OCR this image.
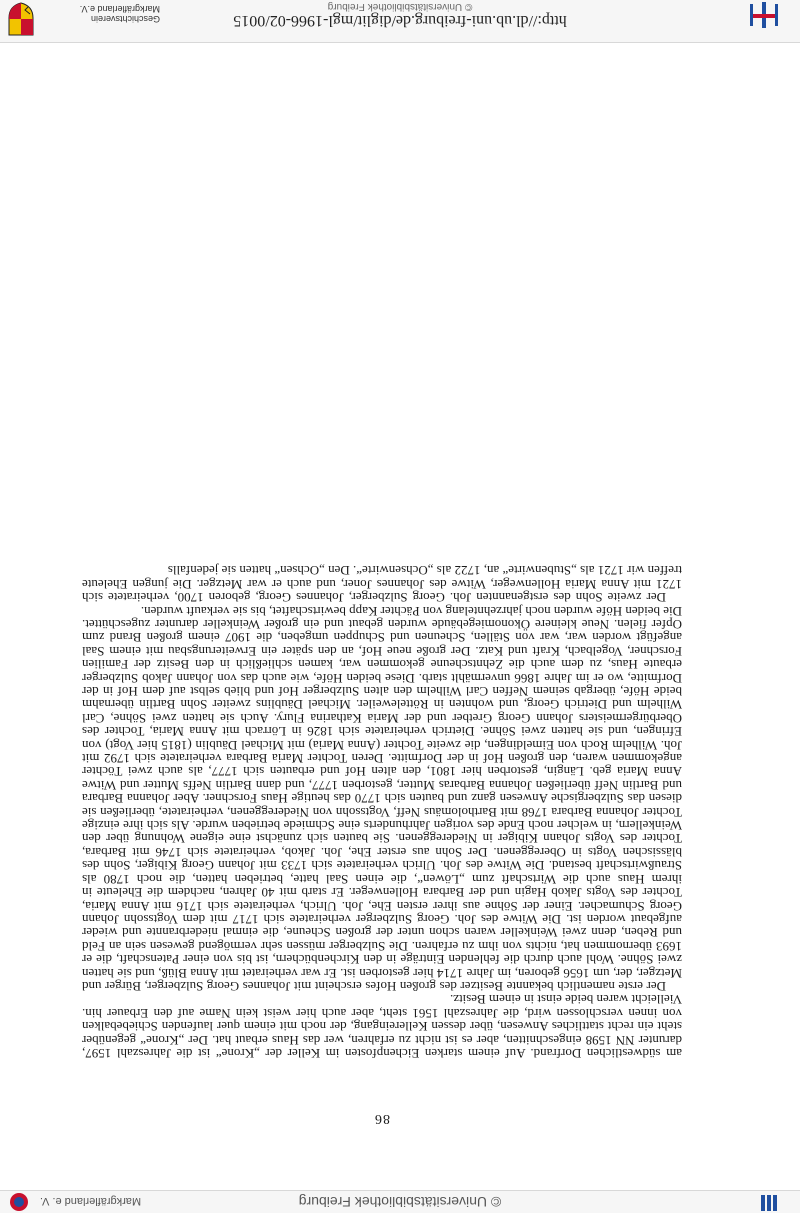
Geschichtsverein Markgräflerland e.V.
http://dl.ub.uni-freiburg.de/diglit/mgl-1966-02/0015
© Universitätsbibliothek Freiburg
86

am südwestlichen Dorfrand. Auf einem starken Eichenpfosten im Keller der „Krone“ ist die Jahreszahl 1597, darunter NN 1598 eingeschnitten, aber es ist nicht zu erfahren, wer das Haus erbaut hat. Der „Krone“ gegenüber steht ein recht stattliches Anwesen, über dessen Kellereingang, der noch mit einem quer laufenden Schiebebalken von innen verschlossen wird, die Jahreszahl 1561 steht, aber auch hier weist kein Name auf den Erbauer hin. Vielleicht waren beide einst in einem Besitz.

Der erste namentlich bekannte Besitzer des großen Hofes erscheint mit Johannes Georg Sulzberger, Bürger und Metzger, der, um 1656 geboren, im Jahre 1714 hier gestorben ist. Er war verheiratet mit Anna Blüß, und sie hatten zwei Söhne. Wohl auch durch die fehlenden Einträge in den Kirchenbüchern, ist bis von einer Patenschaft, die er 1693 übernommen hat, nichts von ihm zu erfahren. Die Sulzberger müssen sehr vermögend gewesen sein an Feld und Reben, denn zwei Weinkeller waren schon unter der großen Scheune, die einmal niederbrannte und wieder aufgebaut worden ist. Die Witwe des Joh. Georg Sulzberger verheiratete sich 1717 mit dem Vogtssohn Johann Georg Schumacher. Einer der Söhne aus ihrer ersten Ehe, Joh. Ulrich, verheiratete sich 1716 mit Anna Maria, Tochter des Vogts Jakob Hagin und der Barbara Hollenweger. Er starb mit 40 Jahren, nachdem die Eheleute in ihrem Haus auch die Wirtschaft zum „Löwen“, die einen Saal hatte, betrieben hatten, die noch 1780 als Straußwirtschaft bestand. Die Witwe des Joh. Ulrich verheiratete sich 1733 mit Johann Georg Kibiger, Sohn des blässischen Vogts in Obereggenen. Der Sohn aus erster Ehe, Joh. Jakob, verheiratete sich 1746 mit Barbara, Tochter des Vogts Johann Kibiger in Niedereggenen. Sie bauten sich zunächst eine eigene Wohnung über den Weinkellern, in welcher noch Ende des vorigen Jahrhunderts eine Schmiede betrieben wurde. Als sich ihre einzige Tochter Johanna Barbara 1768 mit Bartholomäus Neff, Vogtssohn von Niedereggenen, verheiratete, überließen sie diesen das Sulzbergische Anwesen ganz und bauten sich 1770 das heutige Haus Forschner. Aber Johanna Barbara und Bartlin Neff überließen Johanna Barbaras Mutter, gestorben 1777, und dann Bartlin Neffs Mutter und Witwe Anna Maria geb. Längin, gestorben hier 1801, den alten Hof und erbauten sich 1777, als auch zwei Töchter angekommen waren, den großen Hof in der Dorfmitte. Deren Tochter Maria Barbara verheiratete sich 1792 mit Joh. Wilhelm Roch von Eimeldingen, die zweite Tochter (Anna Maria) mit Michael Däublin (1815 hier Vogt) von Efringen, und sie hatten zwei Söhne. Dietrich verheiratete sich 1826 in Lörrach mit Anna Maria, Tochter des Oberbürgermeisters Johann Georg Gretber und der Maria Katharina Flury. Auch sie hatten zwei Söhne, Carl Wilhelm und Dietrich Georg, und wohnten in Rötteleweiler. Michael Däublins zweiter Sohn Bartlin übernahm beide Höfe, übergab seinem Neffen Carl Wilhelm den alten Sulzberger Hof und blieb selbst auf dem Hof in der Dorfmitte, wo er im Jahre 1866 unvermählt starb. Diese beiden Höfe, wie auch das von Johann Jakob Sulzberger erbaute Haus, zu dem auch die Zehntscheune gekommen war, kamen schließlich in den Besitz der Familien Forschner, Vogelbach, Kraft und Katz. Der große neue Hof, an den später ein Erweiterungsbau mit einem Saal angefügt worden war, war von Ställen, Scheunen und Schuppen umgeben, die 1907 einem großen Brand zum Opfer fielen. Neue kleinere Ökonomiegebäude wurden gebaut und ein großer Weinkeller darunter zugeschüttet. Die beiden Höfe wurden noch jahrzehntelang von Pächter Kapp bewirtschaftet, bis sie verkauft wurden.

Der zweite Sohn des erstgenannten Joh. Georg Sulzberger, Johannes Georg, geboren 1700, verheiratete sich 1721 mit Anna Maria Hollenweger, Witwe des Johannes Joner, und auch er war Metzger. Die jungen Eheleute treffen wir 1721 als „Stubenwirte“ an, 1722 als „Ochsenwirte“. Den „Ochsen“ hatten sie jedenfalls

Markgräflerland e. V.	© Universitätsbibliothek Freiburg
